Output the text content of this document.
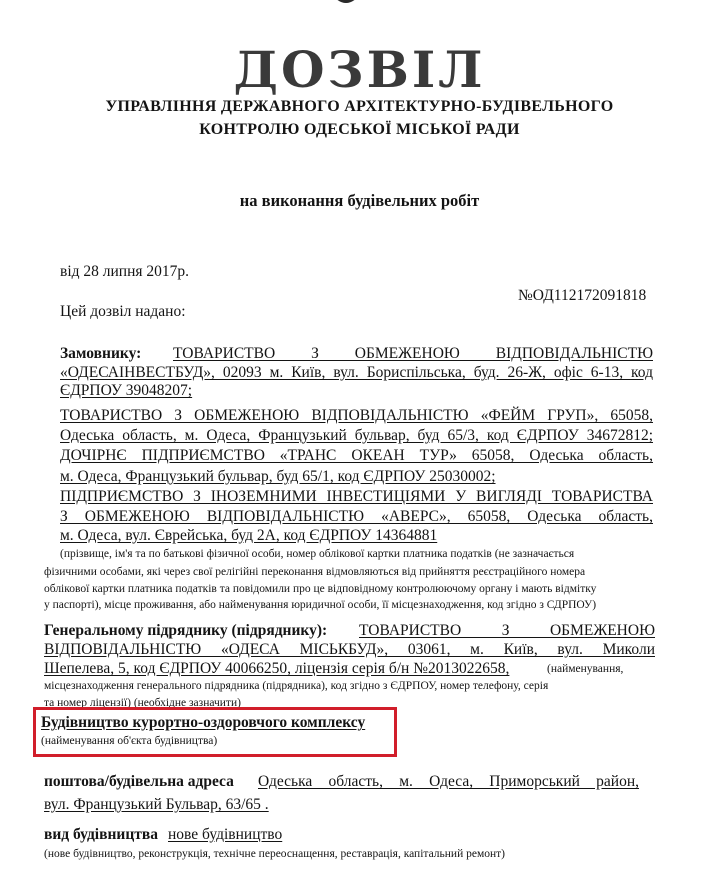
ДОЗВІЛ
УПРАВЛІННЯ ДЕРЖАВНОГО АРХІТЕКТУРНО-БУДІВЕЛЬНОГО
КОНТРОЛЮ ОДЕСЬКОЇ МІСЬКОЇ РАДИ
на виконання будівельних робіт
від 28 липня 2017р.
№ОД112172091818
Цей дозвіл надано:
Замовнику: ТОВАРИСТВО З ОБМЕЖЕНОЮ ВІДПОВІДАЛЬНІСТЮ
«ОДЕСАІНВЕСТБУД», 02093 м. Київ, вул. Бориспільська, буд. 26-Ж, офіс 6-13, код
ЄДРПОУ 39048207;
ТОВАРИСТВО З ОБМЕЖЕНОЮ ВІДПОВІДАЛЬНІСТЮ «ФЕЙМ ГРУП», 65058,
Одеська область, м. Одеса, Французький бульвар, буд 65/3, код ЄДРПОУ 34672812;
ДОЧІРНЄ ПІДПРИЄМСТВО «ТРАНС ОКЕАН ТУР» 65058, Одеська область,
м. Одеса, Французький бульвар, буд 65/1, код ЄДРПОУ 25030002;
ПІДПРИЄМСТВО З ІНОЗЕМНИМИ ІНВЕСТИЦІЯМИ У ВИГЛЯДІ ТОВАРИСТВА
З ОБМЕЖЕНОЮ ВІДПОВІДАЛЬНІСТЮ «АВЕРС», 65058, Одеська область,
м. Одеса, вул. Єврейська, буд 2А, код ЄДРПОУ 14364881
(прізвище, ім'я та по батькові фізичної особи, номер облікової картки платника податків (не зазначається
фізичними особами, які через свої релігійні переконання відмовляються від прийняття реєстраційного номера
облікової картки платника податків та повідомили про це відповідному контролюючому органу і мають відмітку
у паспорті), місце проживання, або найменування юридичної особи, її місцезнаходження, код згідно з СДРПОУ)
Генеральному підряднику (підряднику): ТОВАРИСТВО З ОБМЕЖЕНОЮ
ВІДПОВІДАЛЬНІСТЮ «ОДЕСА МІСЬКБУД», 03061, м. Київ, вул. Миколи
Шепелева, 5, код ЄДРПОУ 40066250, ліцензія серія б/н №2013022658,	(найменування,
місцезнаходження генерального підрядника (підрядника), код згідно з ЄДРПОУ, номер телефону, серія
та номер ліцензії) (необхідне зазначити)
Будівництво курортно-оздоровчого комплексу
(найменування об'єкта будівництва)
поштова/будівельна адреса Одеська область, м. Одеса, Приморський район,
вул. Французький Бульвар, 63/65 .
вид будівництва нове будівництво
(нове будівництво, реконструкція, технічне переоснащення, реставрація, капітальний ремонт)
